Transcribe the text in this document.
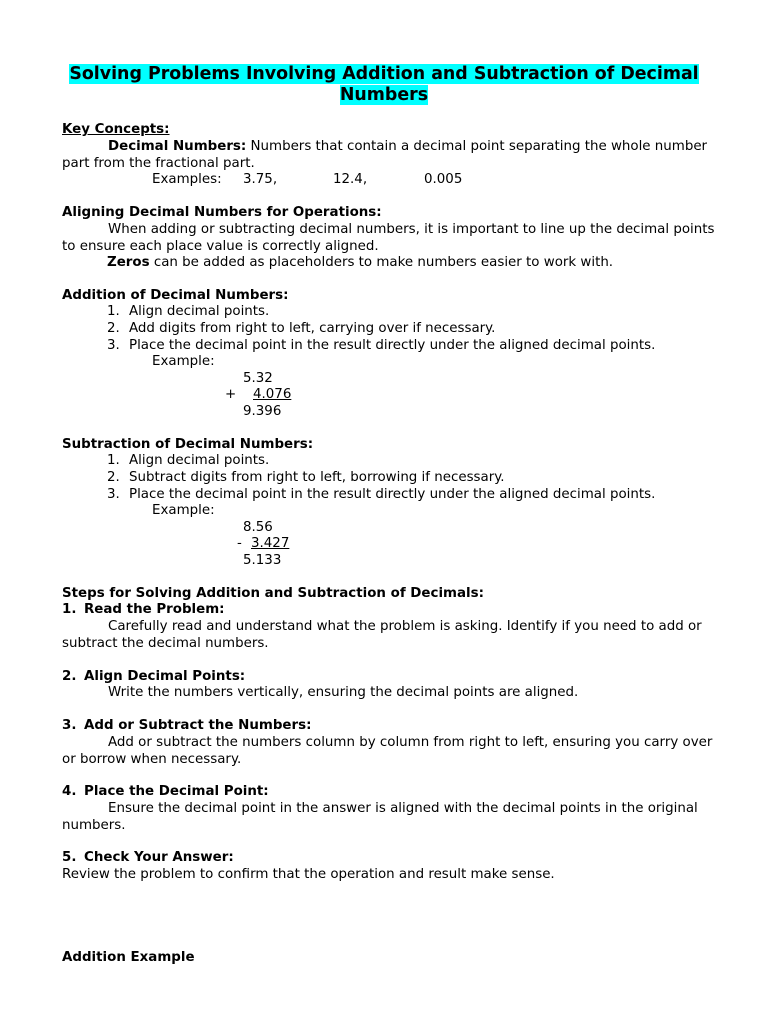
Solving Problems Involving Addition and Subtraction of Decimal
Numbers
Key Concepts:
Decimal Numbers: Numbers that contain a decimal point separating the whole number part from the fractional part.
Examples: 3.75,	12.4,	0.005
Aligning Decimal Numbers for Operations:
When adding or subtracting decimal numbers, it is important to line up the decimal points to ensure each place value is correctly aligned.
Zeros can be added as placeholders to make numbers easier to work with.
Addition of Decimal Numbers:
1. Align decimal points.
2. Add digits from right to left, carrying over if necessary.
3. Place the decimal point in the result directly under the aligned decimal points.
Example:
5.32
+ 4.076
9.396
Subtraction of Decimal Numbers:
1. Align decimal points.
2. Subtract digits from right to left, borrowing if necessary.
3. Place the decimal point in the result directly under the aligned decimal points.
Example:
8.56
- 3.427
5.133
Steps for Solving Addition and Subtraction of Decimals:
1. Read the Problem:
Carefully read and understand what the problem is asking. Identify if you need to add or subtract the decimal numbers.
2. Align Decimal Points:
Write the numbers vertically, ensuring the decimal points are aligned.
3. Add or Subtract the Numbers:
Add or subtract the numbers column by column from right to left, ensuring you carry over or borrow when necessary.
4. Place the Decimal Point:
Ensure the decimal point in the answer is aligned with the decimal points in the original numbers.
5. Check Your Answer:
Review the problem to confirm that the operation and result make sense.
Addition Example
